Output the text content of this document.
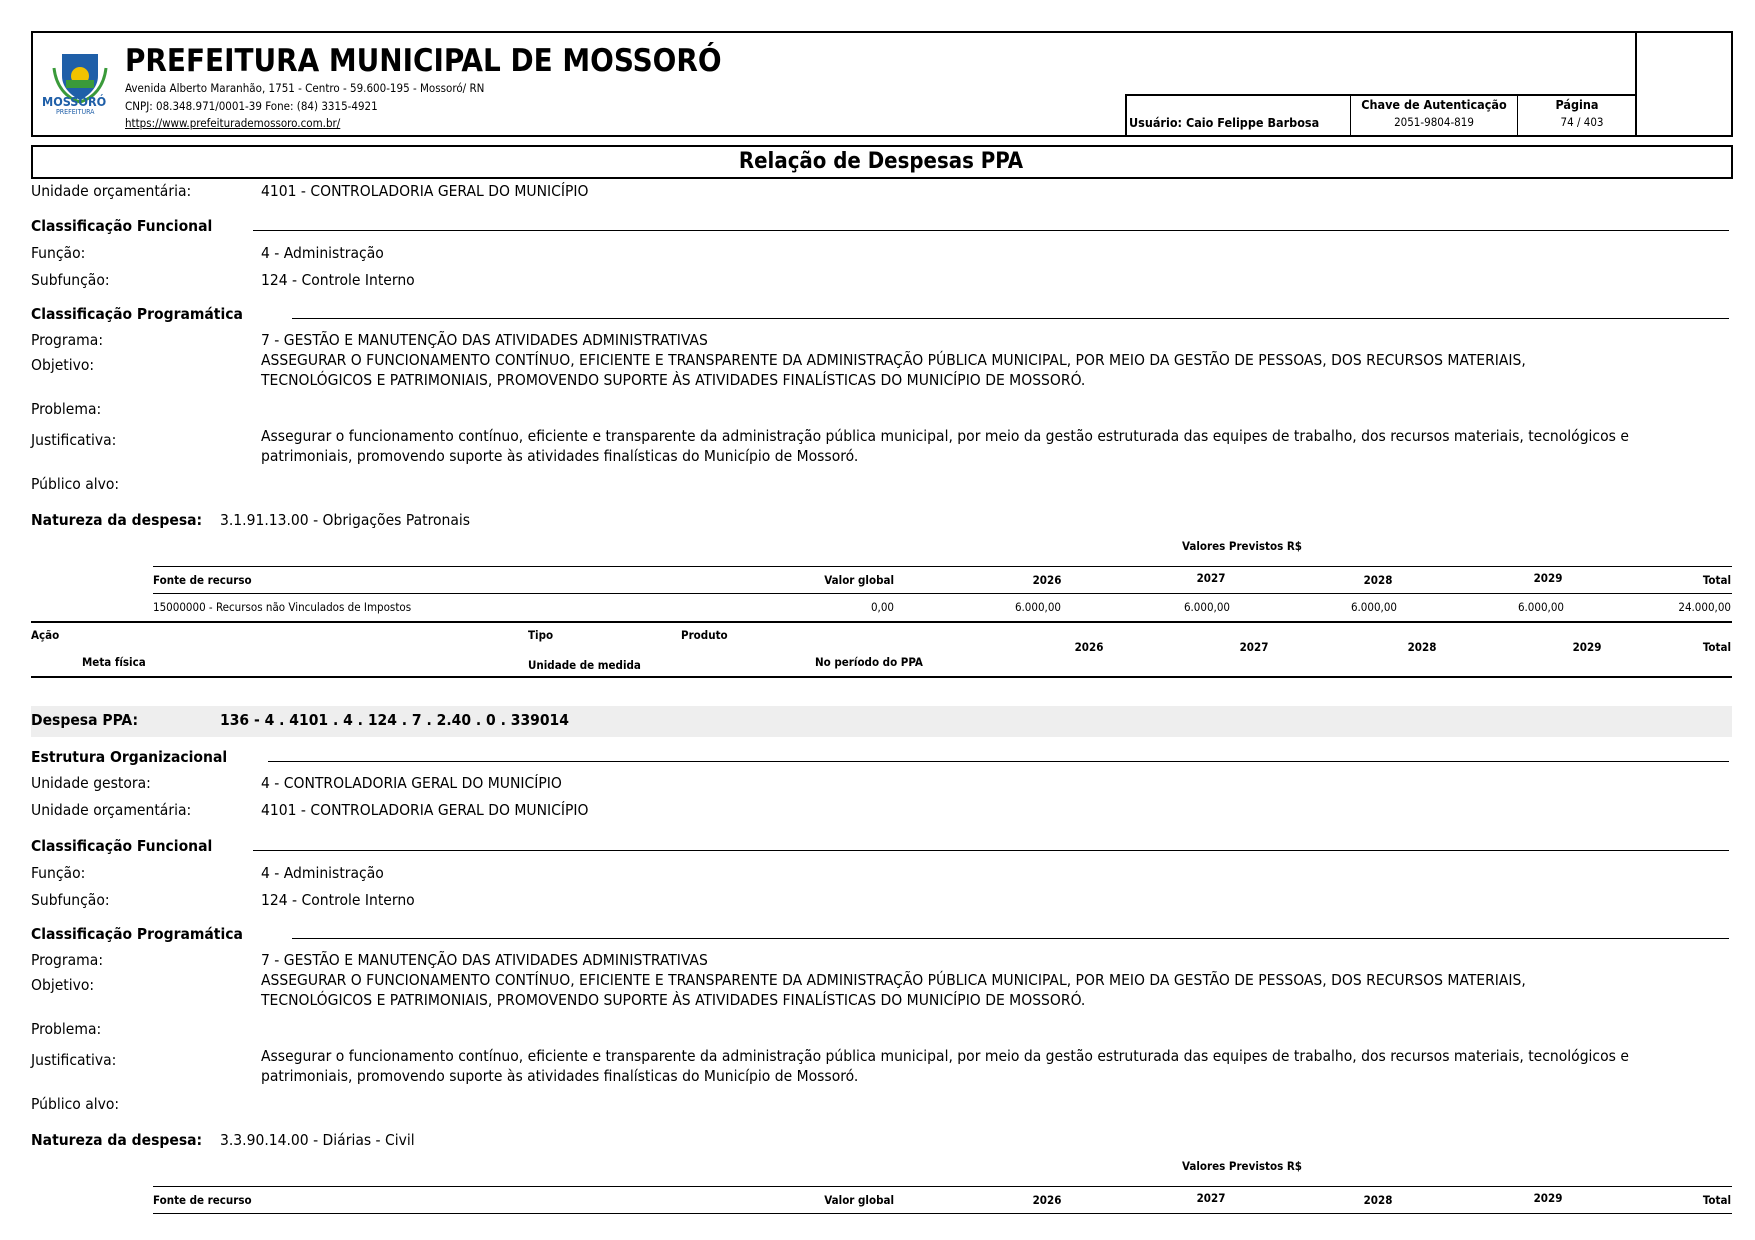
MOSSORÓ
PREFEITURA
PREFEITURA MUNICIPAL DE MOSSORÓ
Avenida Alberto Maranhão, 1751 - Centro - 59.600-195 - Mossoró/ RN
CNPJ: 08.348.971/0001-39 Fone: (84) 3315-4921
https://www.prefeiturademossoro.com.br/	Usuário: Caio Felippe Barbosa
Chave de Autenticação
2051-9804-819
Página
74 / 403
Relação de Despesas PPA
Unidade orçamentária:	4101 - CONTROLADORIA GERAL DO MUNICÍPIO
Classificação Funcional
Função:	4 - Administração
Subfunção:	124 - Controle Interno
Classificação Programática
Programa:	7 - GESTÃO E MANUTENÇÃO DAS ATIVIDADES ADMINISTRATIVAS
Objetivo:	ASSEGURAR O FUNCIONAMENTO CONTÍNUO, EFICIENTE E TRANSPARENTE DA ADMINISTRAÇÃO PÚBLICA MUNICIPAL, POR MEIO DA GESTÃO DE PESSOAS, DOS RECURSOS MATERIAIS,
TECNOLÓGICOS E PATRIMONIAIS, PROMOVENDO SUPORTE ÀS ATIVIDADES FINALÍSTICAS DO MUNICÍPIO DE MOSSORÓ.
Problema:
Justificativa:	Assegurar o funcionamento contínuo, eficiente e transparente da administração pública municipal, por meio da gestão estruturada das equipes de trabalho, dos recursos materiais, tecnológicos e
patrimoniais, promovendo suporte às atividades finalísticas do Município de Mossoró.
Público alvo:
Natureza da despesa: 3.1.91.13.00 - Obrigações Patronais
Valores Previstos R$
Fonte de recurso	Valor global	2026	2027	2028	2029	Total
15000000 - Recursos não Vinculados de Impostos	0,00	6.000,00	6.000,00	6.000,00	6.000,00	24.000,00
Ação	Tipo	Produto
Meta física	Unidade de medida	No período do PPA
2026	2027	2028	2029	Total
Despesa PPA:	136 - 4 . 4101 . 4 . 124 . 7 . 2.40 . 0 . 339014
Estrutura Organizacional
Unidade gestora:	4 - CONTROLADORIA GERAL DO MUNICÍPIO
Unidade orçamentária:	4101 - CONTROLADORIA GERAL DO MUNICÍPIO
Classificação Funcional
Função:	4 - Administração
Subfunção:	124 - Controle Interno
Classificação Programática
Programa:	7 - GESTÃO E MANUTENÇÃO DAS ATIVIDADES ADMINISTRATIVAS
Objetivo:	ASSEGURAR O FUNCIONAMENTO CONTÍNUO, EFICIENTE E TRANSPARENTE DA ADMINISTRAÇÃO PÚBLICA MUNICIPAL, POR MEIO DA GESTÃO DE PESSOAS, DOS RECURSOS MATERIAIS,
TECNOLÓGICOS E PATRIMONIAIS, PROMOVENDO SUPORTE ÀS ATIVIDADES FINALÍSTICAS DO MUNICÍPIO DE MOSSORÓ.
Problema:
Justificativa:	Assegurar o funcionamento contínuo, eficiente e transparente da administração pública municipal, por meio da gestão estruturada das equipes de trabalho, dos recursos materiais, tecnológicos e
patrimoniais, promovendo suporte às atividades finalísticas do Município de Mossoró.
Público alvo:
Natureza da despesa: 3.3.90.14.00 - Diárias - Civil
Valores Previstos R$
Fonte de recurso	Valor global	2026	2027	2028	2029	Total
